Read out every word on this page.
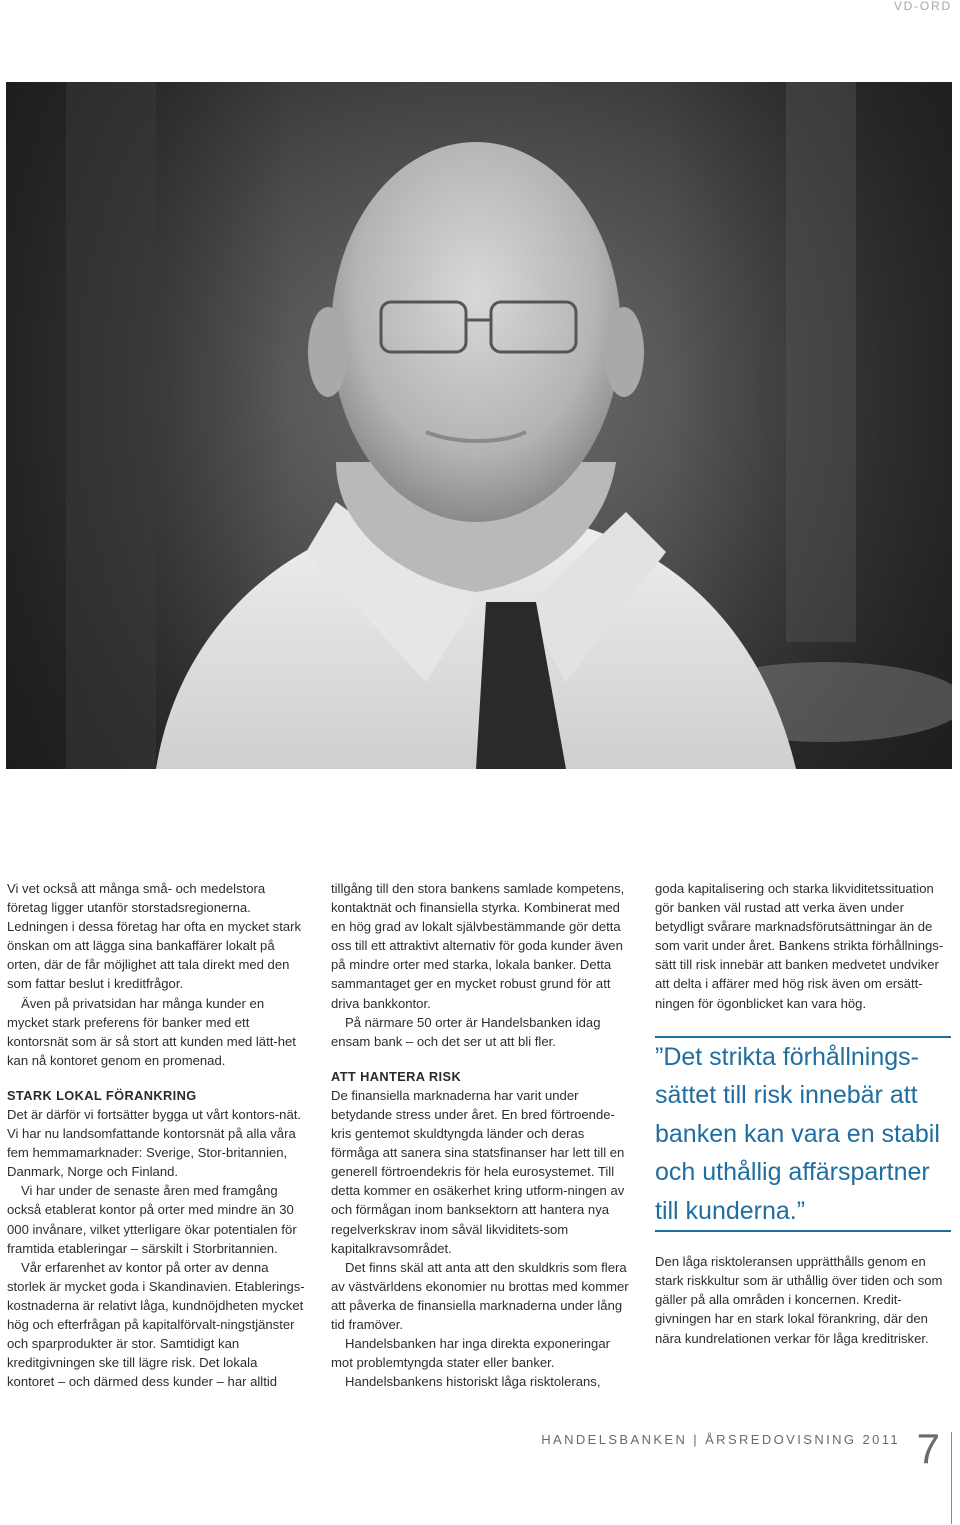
VD-ORD

Vi vet också att många små- och medelstora företag ligger utanför storstadsregionerna. Ledningen i dessa företag har ofta en mycket stark önskan om att lägga sina bankaffärer lokalt på orten, där de får möjlighet att tala direkt med den som fattar beslut i kreditfrågor.

Även på privatsidan har många kunder en mycket stark preferens för banker med ett kontorsnät som är så stort att kunden med lätt-het kan nå kontoret genom en promenad.

STARK LOKAL FÖRANKRING

Det är därför vi fortsätter bygga ut vårt kontors-nät. Vi har nu landsomfattande kontorsnät på alla våra fem hemmamarknader: Sverige, Stor-britannien, Danmark, Norge och Finland.

Vi har under de senaste åren med framgång också etablerat kontor på orter med mindre än 30 000 invånare, vilket ytterligare ökar potentialen för framtida etableringar – särskilt i Storbritannien.

Vår erfarenhet av kontor på orter av denna storlek är mycket goda i Skandinavien. Etablerings-kostnaderna är relativt låga, kundnöjdheten mycket hög och efterfrågan på kapitalförvalt-ningstjänster och sparprodukter är stor. Samtidigt kan kreditgivningen ske till lägre risk. Det lokala kontoret – och därmed dess kunder – har alltid

tillgång till den stora bankens samlade kompetens, kontaktnät och finansiella styrka. Kombinerat med en hög grad av lokalt självbestämmande gör detta oss till ett attraktivt alternativ för goda kunder även på mindre orter med starka, lokala banker. Detta sammantaget ger en mycket robust grund för att driva bankkontor.

På närmare 50 orter är Handelsbanken idag ensam bank – och det ser ut att bli fler.

ATT HANTERA RISK

De finansiella marknaderna har varit under betydande stress under året. En bred förtroende-kris gentemot skuldtyngda länder och deras förmåga att sanera sina statsfinanser har lett till en generell förtroendekris för hela eurosystemet. Till detta kommer en osäkerhet kring utform-ningen av och förmågan inom banksektorn att hantera nya regelverkskrav inom såväl likviditets-som kapitalkravsområdet.

Det finns skäl att anta att den skuldkris som flera av västvärldens ekonomier nu brottas med kommer att påverka de finansiella marknaderna under lång tid framöver.

Handelsbanken har inga direkta exponeringar mot problemtyngda stater eller banker.

Handelsbankens historiskt låga risktolerans,

goda kapitalisering och starka likviditetssituation gör banken väl rustad att verka även under betydligt svårare marknadsförutsättningar än de som varit under året. Bankens strikta förhållnings-sätt till risk innebär att banken medvetet undviker att delta i affärer med hög risk även om ersätt-ningen för ögonblicket kan vara hög.

”Det strikta förhållnings-sättet till risk innebär att banken kan vara en stabil och uthållig affärspartner till kunderna.”

Den låga risktoleransen upprätthålls genom en stark riskkultur som är uthållig över tiden och som gäller på alla områden i koncernen. Kredit-givningen har en stark lokal förankring, där den nära kundrelationen verkar för låga kreditrisker.

HANDELSBANKEN | ÅRSREDOVISNING 2011 7
